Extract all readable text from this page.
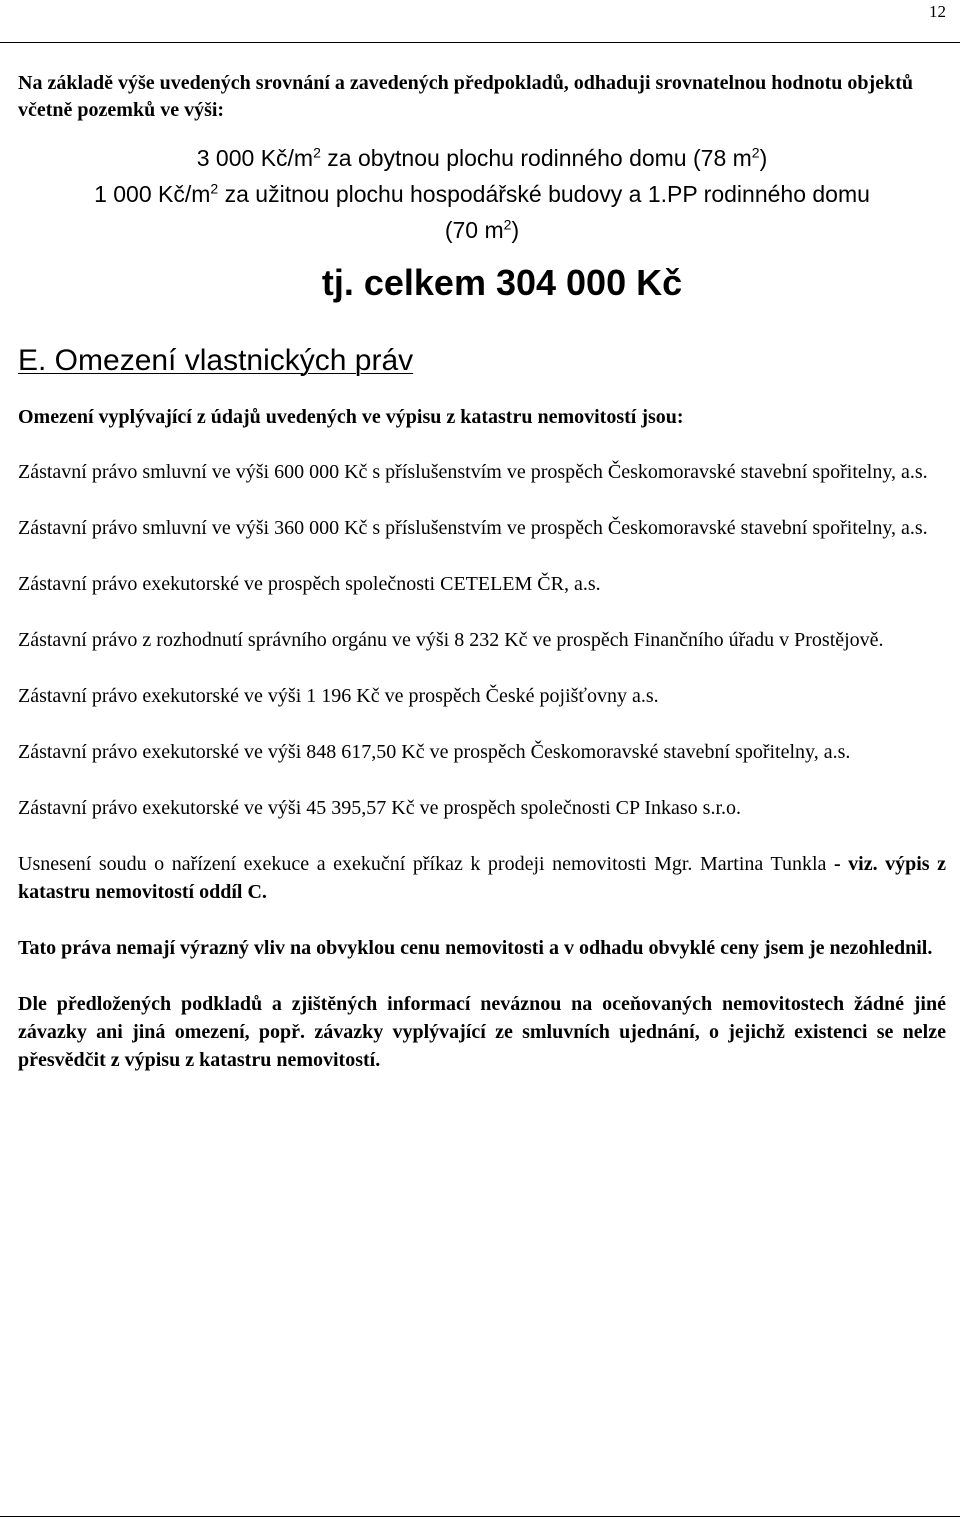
12

Na základě výše uvedených srovnání a zavedených předpokladů, odhaduji srovnatelnou hodnotu objektů včetně pozemků ve výši:

3 000 $Kč/m^2$ za obytnou plochu rodinného domu (78 $m^2$)

1 000 $Kč/m^2$ za užitnou plochu hospodářské budovy a 1.PP rodinného domu

(70 $m^2$)

tj. celkem 304 000 Kč
E. Omezení vlastnických práv

Omezení vyplývající z údajů uvedených ve výpisu z katastru nemovitostí jsou:

Zástavní právo smluvní ve výši 600 000 Kč s příslušenstvím ve prospěch Českomoravské stavební spořitelny, a.s.

Zástavní právo smluvní ve výši 360 000 Kč s příslušenstvím ve prospěch Českomoravské stavební spořitelny, a.s.

Zástavní právo exekutorské ve prospěch společnosti CETELEM ČR, a.s.

Zástavní právo z rozhodnutí správního orgánu ve výši 8 232 Kč ve prospěch Finančního úřadu v Prostějově.

Zástavní právo exekutorské ve výši 1 196 Kč ve prospěch České pojišťovny a.s.

Zástavní právo exekutorské ve výši 848 617,50 Kč ve prospěch Českomoravské stavební spořitelny, a.s.

Zástavní právo exekutorské ve výši 45 395,57 Kč ve prospěch společnosti CP Inkaso s.r.o.

Usnesení soudu o nařízení exekuce a exekuční příkaz k prodeji nemovitosti Mgr. Martina Tunkla - viz. výpis z katastru nemovitostí oddíl C.

Tato práva nemají výrazný vliv na obvyklou cenu nemovitosti a v odhadu obvyklé ceny jsem je nezohlednil.

Dle předložených podkladů a zjištěných informací neváznou na oceňovaných nemovitostech žádné jiné závazky ani jiná omezení, popř. závazky vyplývající ze smluvních ujednání, o jejichž existenci se nelze přesvědčit z výpisu z katastru nemovitostí.
